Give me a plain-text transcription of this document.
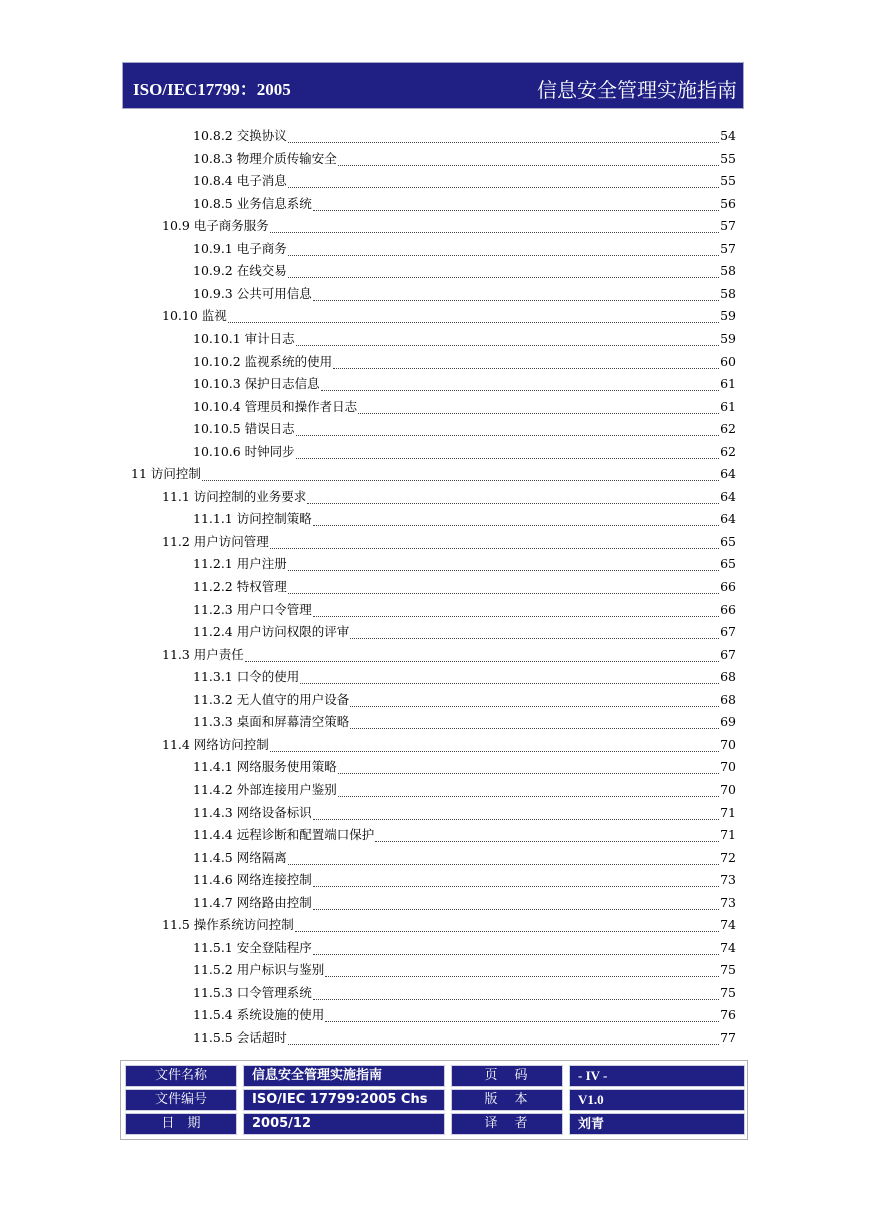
ISO/IEC17799：2005	信息安全管理实施指南
10.8.2 交换协议	54
10.8.3 物理介质传输安全	55
10.8.4 电子消息	55
10.8.5 业务信息系统	56
10.9 电子商务服务	57
10.9.1 电子商务	57
10.9.2 在线交易	58
10.9.3 公共可用信息	58
10.10 监视	59
10.10.1 审计日志	59
10.10.2 监视系统的使用	60
10.10.3 保护日志信息	61
10.10.4 管理员和操作者日志	61
10.10.5 错误日志	62
10.10.6 时钟同步	62
11 访问控制	64
11.1 访问控制的业务要求	64
11.1.1 访问控制策略	64
11.2 用户访问管理	65
11.2.1 用户注册	65
11.2.2 特权管理	66
11.2.3 用户口令管理	66
11.2.4 用户访问权限的评审	67
11.3 用户责任	67
11.3.1 口令的使用	68
11.3.2 无人值守的用户设备	68
11.3.3 桌面和屏幕清空策略	69
11.4 网络访问控制	70
11.4.1 网络服务使用策略	70
11.4.2 外部连接用户鉴别	70
11.4.3 网络设备标识	71
11.4.4 远程诊断和配置端口保护	71
11.4.5 网络隔离	72
11.4.6 网络连接控制	73
11.4.7 网络路由控制	73
11.5 操作系统访问控制	74
11.5.1 安全登陆程序	74
11.5.2 用户标识与鉴别	75
11.5.3 口令管理系统	75
11.5.4 系统设施的使用	76
11.5.5 会话超时	77
文件名称	信息安全管理实施指南	页　码	- IV -
文件编号	ISO/IEC 17799:2005 Chs	版　本	V1.0
日　期	2005/12	译　者	刘青
